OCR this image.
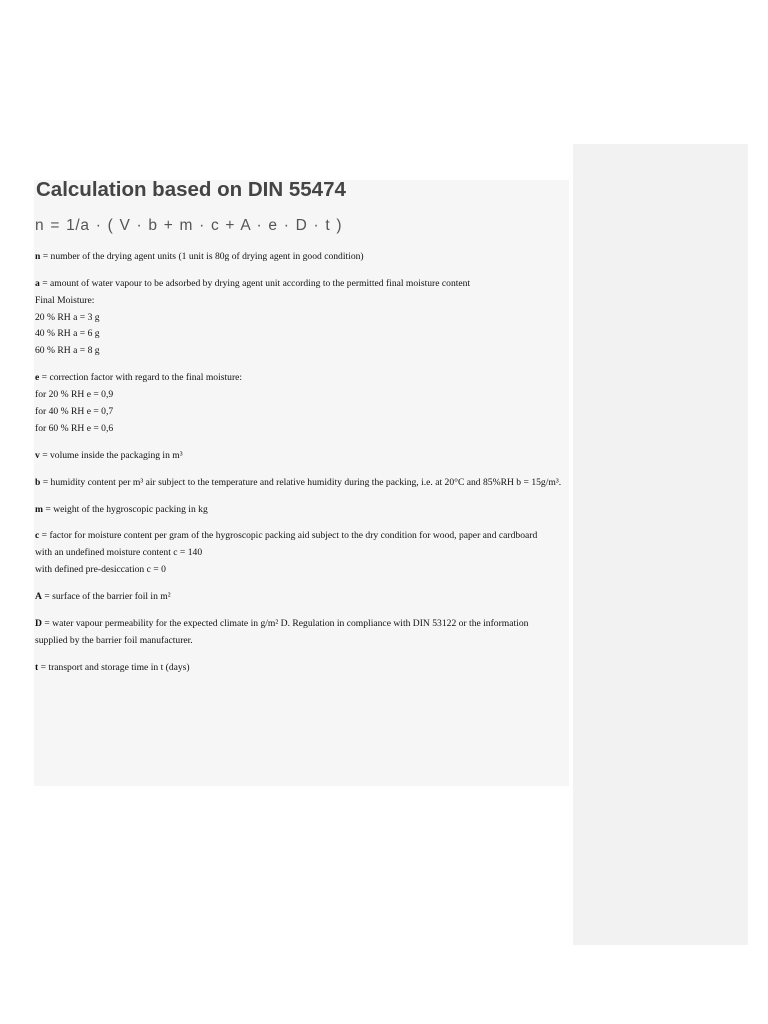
Calculation based on DIN 55474
n = 1/a · ( V · b + m · c + A · e · D · t )

n = number of the drying agent units (1 unit is 80g of drying agent in good condition)

a = amount of water vapour to be adsorbed by drying agent unit according to the permitted final moisture content
Final Moisture:
20 % RH a = 3 g
40 % RH a = 6 g
60 % RH a = 8 g

e = correction factor with regard to the final moisture:
for 20 % RH e = 0,9
for 40 % RH e = 0,7
for 60 % RH e = 0,6

v = volume inside the packaging in m³

b = humidity content per m³ air subject to the temperature and relative humidity during the packing, i.e. at 20°C and 85%RH b = 15g/m³.

m = weight of the hygroscopic packing in kg

c = factor for moisture content per gram of the hygroscopic packing aid subject to the dry condition for wood, paper and cardboard
with an undefined moisture content c = 140
with defined pre-desiccation c = 0

A = surface of the barrier foil in m²

D = water vapour permeability for the expected climate in g/m² D. Regulation in compliance with DIN 53122 or the information supplied by the barrier foil manufacturer.

t = transport and storage time in t (days)
